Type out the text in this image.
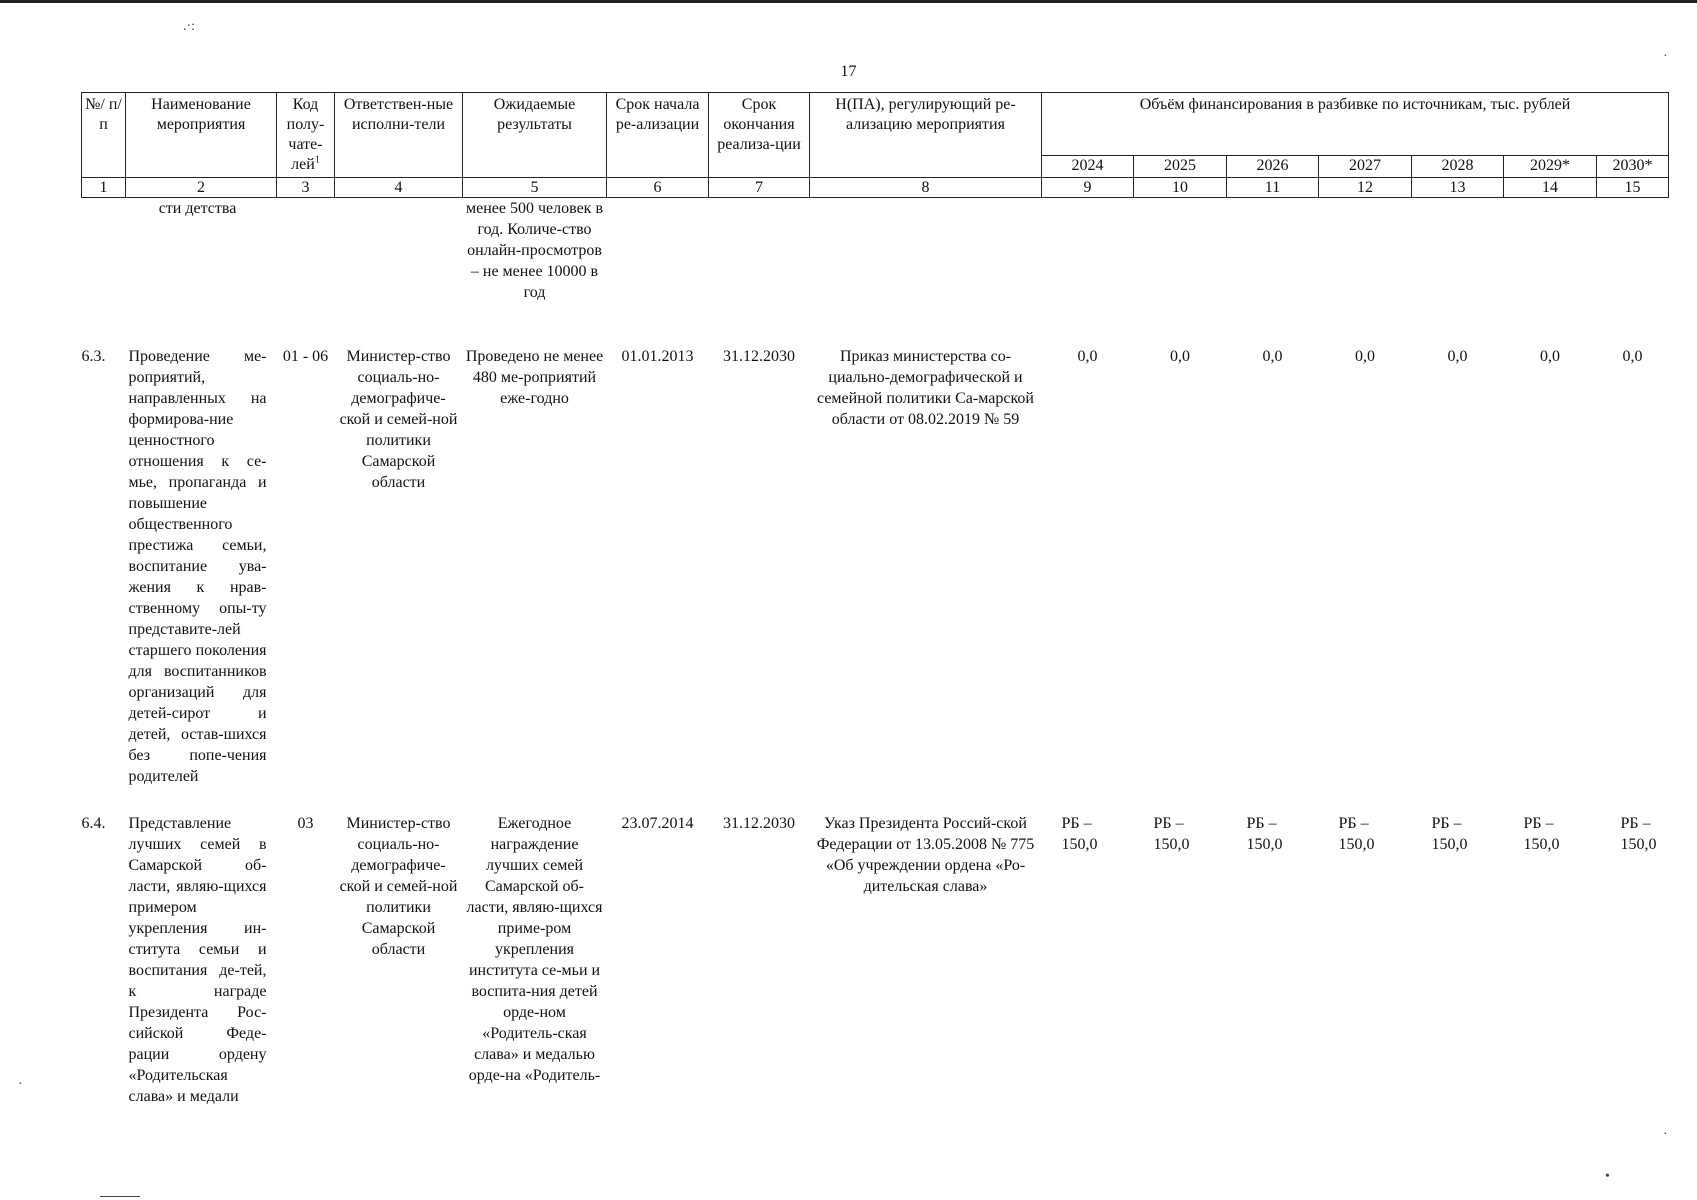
.·:
·
·
•
·
17
№/ п/п	Наименование мероприятия	Код полу-чате-лей$^1$	Ответствен-ные исполни-тели	Ожидаемые результаты	Срок начала ре-ализации	Срок окончания реализа-ции	Н(ПА), регулирующий ре-ализацию мероприятия	Объём финансирования в разбивке по источникам, тыс. рублей						
								2024	2025	2026	2027	2028	2029*	2030*
1	2	3	4	5	6	7	8	9	10	11	12	13	14	15
	сти детства			менее 500 человек в год. Количе-ство онлайн-просмотров – не менее 10000 в год										
6.3.	Проведение ме-роприятий, направленных на формирова-ние ценностного отношения к се-мье, пропаганда и повышение общественного престижа семьи, воспитание ува-жения к нрав-ственному опы-ту представите-лей старшего поколения для воспитанников организаций для детей-сирот и детей, остав-шихся без попе-чения родителей	01 - 06	Министер-ство социаль-но-демографиче-ской и семей-ной политики Самарской области	Проведено не менее 480 ме-роприятий еже-годно	01.01.2013	31.12.2030	Приказ министерства со-циально-демографической и семейной политики Са-марской области от 08.02.2019 № 59	0,0	0,0	0,0	0,0	0,0	0,0	0,0
6.4.	Представление лучших семей в Самарской об-ласти, являю-щихся примером укрепления ин-ститута семьи и воспитания де-тей, к награде Президента Рос-сийской Феде-рации ордену «Родительская слава» и медали	03	Министер-ство социаль-но-демографиче-ской и семей-ной политики Самарской области	Ежегодное награждение лучших семей Самарской об-ласти, являю-щихся приме-ром укрепления института се-мьи и воспита-ния детей орде-ном «Родитель-ская слава» и медалью орде-на «Родитель-	23.07.2014	31.12.2030	Указ Президента Россий-ской Федерации от 13.05.2008 № 775 «Об учреждении ордена «Ро-дительская слава»	РБ – 150,0	РБ – 150,0	РБ – 150,0	РБ – 150,0	РБ – 150,0	РБ – 150,0	РБ – 150,0
